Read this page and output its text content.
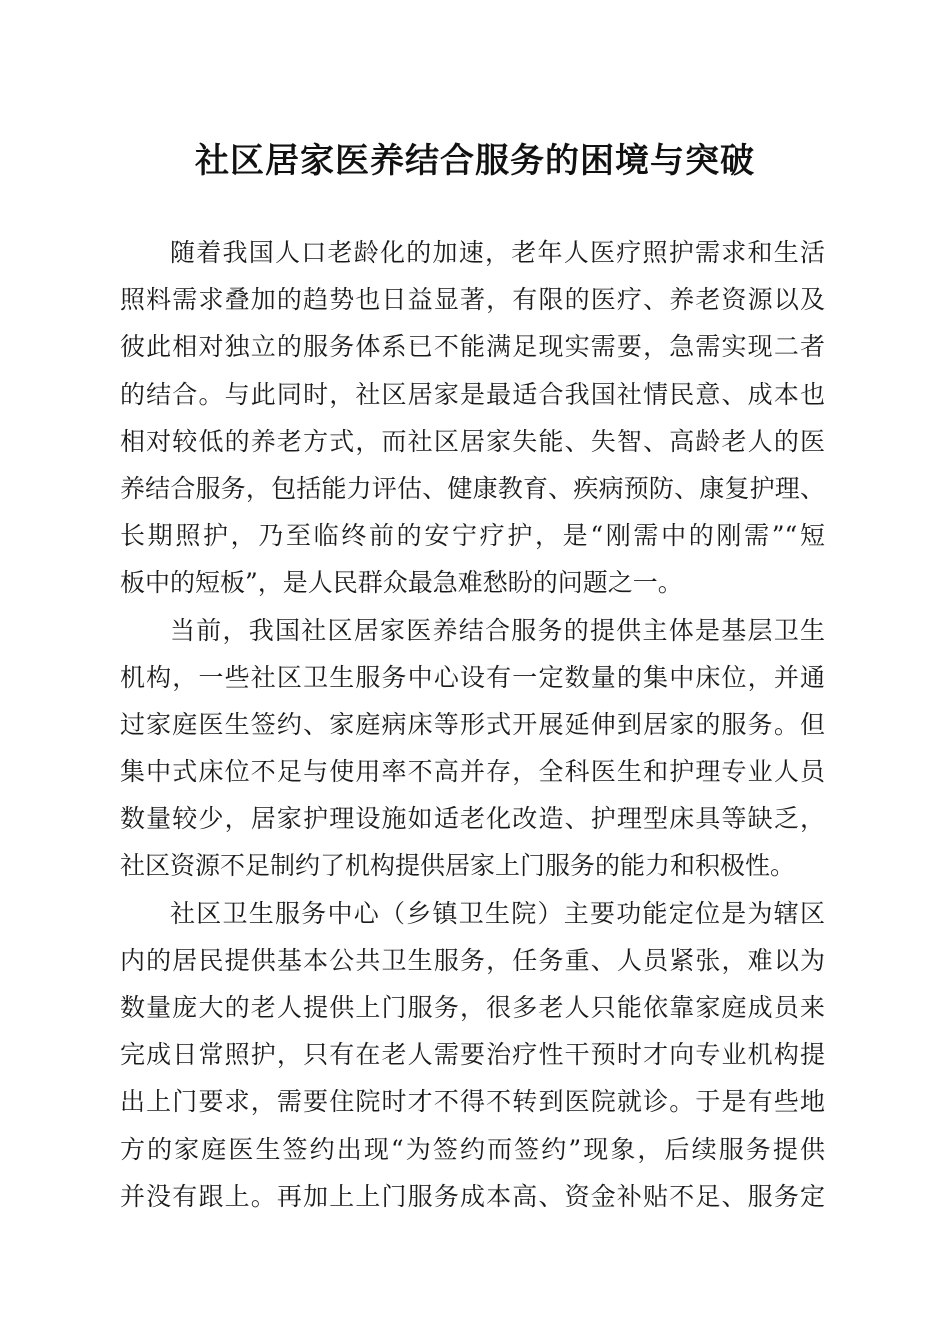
社区居家医养结合服务的困境与突破
随着我国人口老龄化的加速，老年人医疗照护需求和生活
照料需求叠加的趋势也日益显著，有限的医疗、养老资源以及
彼此相对独立的服务体系已不能满足现实需要，急需实现二者
的结合。与此同时，社区居家是最适合我国社情民意、成本也
相对较低的养老方式，而社区居家失能、失智、高龄老人的医
养结合服务，包括能力评估、健康教育、疾病预防、康复护理、
长期照护，乃至临终前的安宁疗护，是“刚需中的刚需”“短
板中的短板”，是人民群众最急难愁盼的问题之一。
当前，我国社区居家医养结合服务的提供主体是基层卫生
机构，一些社区卫生服务中心设有一定数量的集中床位，并通
过家庭医生签约、家庭病床等形式开展延伸到居家的服务。但
集中式床位不足与使用率不高并存，全科医生和护理专业人员
数量较少，居家护理设施如适老化改造、护理型床具等缺乏，
社区资源不足制约了机构提供居家上门服务的能力和积极性。
社区卫生服务中心（乡镇卫生院）主要功能定位是为辖区
内的居民提供基本公共卫生服务，任务重、人员紧张，难以为
数量庞大的老人提供上门服务，很多老人只能依靠家庭成员来
完成日常照护，只有在老人需要治疗性干预时才向专业机构提
出上门要求，需要住院时才不得不转到医院就诊。于是有些地
方的家庭医生签约出现“为签约而签约”现象，后续服务提供
并没有跟上。再加上上门服务成本高、资金补贴不足、服务定
